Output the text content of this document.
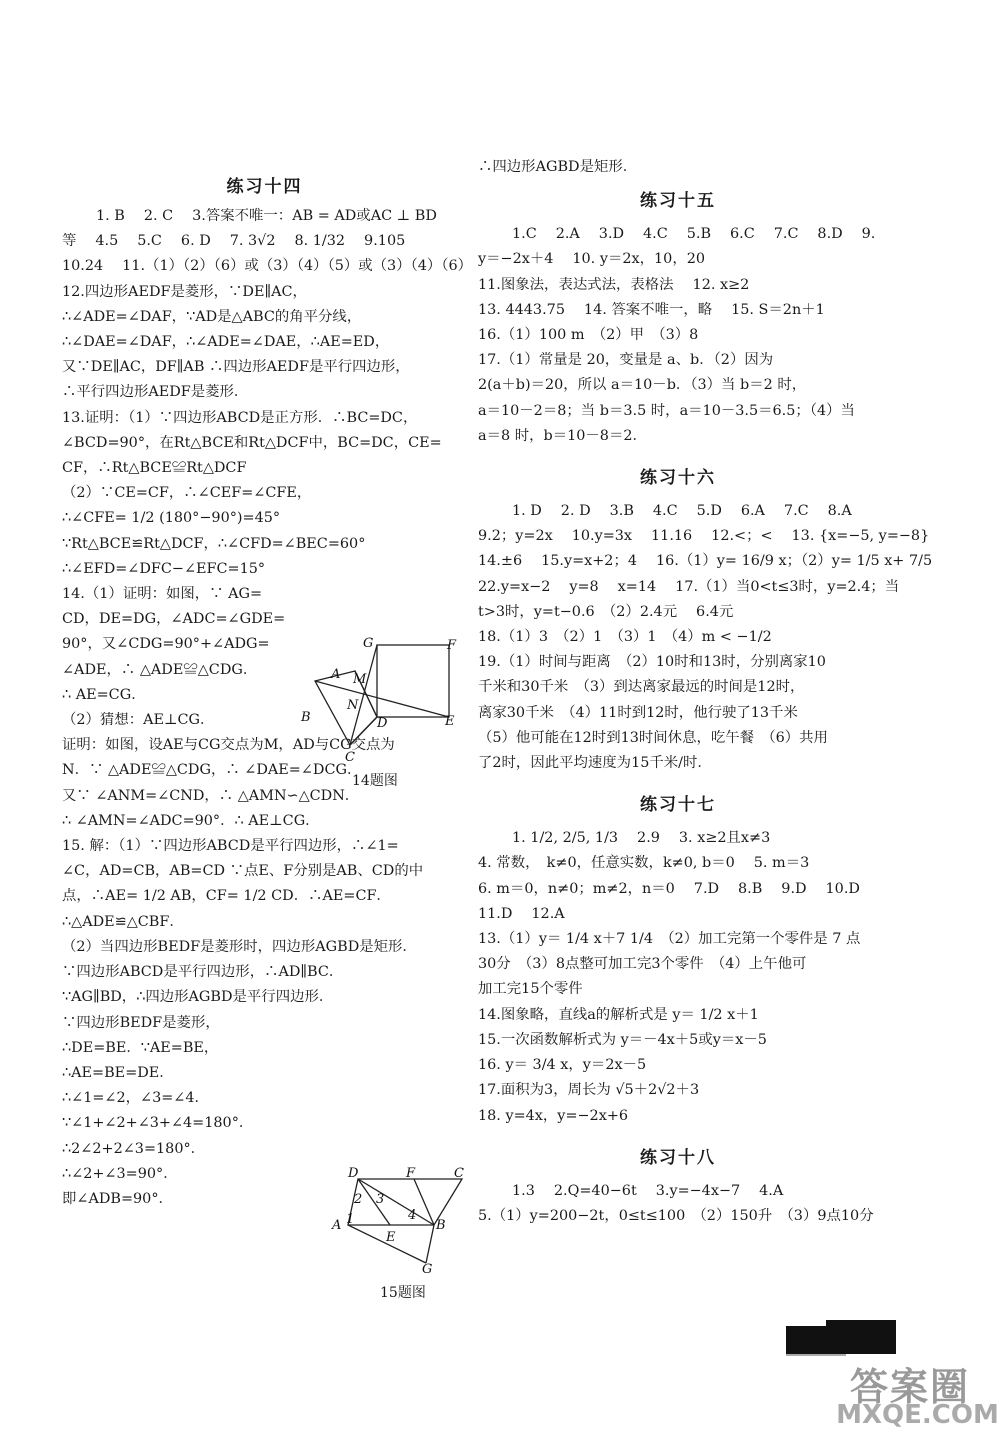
练习十四
1. B　 2. C　 3.答案不唯一：AB = AD或AC ⊥ BD
等　 4.5　 5.C　 6. D　 7. 3√2　 8. 1/32　 9.105
10.24　 11.（1）（2）（6）或（3）（4）（5）或（3）（4）（6）
12.四边形AEDF是菱形，∵DE∥AC，
∴∠ADE=∠DAF，∵AD是△ABC的角平分线，
∴∠DAE=∠DAF，∴∠ADE=∠DAE，∴AE=ED，
又∵DE∥AC，DF∥AB ∴四边形AEDF是平行四边形，
∴平行四边形AEDF是菱形．
13.证明：（1）∵四边形ABCD是正方形．∴BC=DC，
∠BCD=90°，在Rt△BCE和Rt△DCF中，BC=DC，CE=
CF，∴Rt△BCE≌Rt△DCF
（2）∵CE=CF，∴∠CEF=∠CFE，
∴∠CFE= 1/2 (180°−90°)=45°
∵Rt△BCE≌Rt△DCF，∴∠CFD=∠BEC=60°
∴∠EFD=∠DFC−∠EFC=15°
14.（1）证明：如图，∵ AG=
CD，DE=DG，∠ADC=∠GDE=
90°，又∠CDG=90°+∠ADG=
∠ADE，∴ △ADE≌△CDG．
∴ AE=CG．
（2）猜想：AE⊥CG．
证明：如图，设AE与CG交点为M，AD与CG交点为
N．∵ △ADE≌△CDG，∴ ∠DAE=∠DCG．
又∵ ∠ANM=∠CND，∴ △AMN∽△CDN．
∴ ∠AMN=∠ADC=90°．∴ AE⊥CG．
15. 解：（1）∵四边形ABCD是平行四边形，∴∠1=
∠C，AD=CB，AB=CD ∵点E、F分别是AB、CD的中
点，∴AE= 1/2 AB，CF= 1/2 CD．∴AE=CF．
∴△ADE≌△CBF．
（2）当四边形BEDF是菱形时，四边形AGBD是矩形．
∵四边形ABCD是平行四边形，∴AD∥BC．
∵AG∥BD，∴四边形AGBD是平行四边形．
∵四边形BEDF是菱形，
∴DE=BE．∵AE=BE，
∴AE=BE=DE．
∴∠1=∠2，∠3=∠4．
∵∠1+∠2+∠3+∠4=180°．
∴2∠2+2∠3=180°．
∴∠2+∠3=90°．
即∠ADB=90°．
∴四边形AGBD是矩形．
练习十五
1.C　 2.A　 3.D　 4.C　 5.B　 6.C　 7.C　 8.D　 9.
y＝−2x＋4　 10. y＝2x，10，20
11.图象法，表达式法，表格法　 12. x≥2
13. 4443.75　 14. 答案不唯一，略　 15. S＝2n＋1
16.（1）100 m　（2）甲　（3）8
17.（1）常量是 20，变量是 a、b．（2）因为
2(a＋b)＝20，所以 a＝10－b．（3）当 b＝2 时，
a＝10－2＝8；当 b＝3.5 时，a＝10－3.5＝6.5；（4）当
a＝8 时，b＝10－8＝2．
练习十六
1. D　 2. D　 3.B　 4.C　 5.D　 6.A　 7.C　 8.A
9.2；y=2x　 10.y=3x　 11.16　 12.<；<　 13. {x=−5, y=−8}
14.±6　 15.y=x+2；4　 16.（1）y= 16/9 x；（2）y= 1/5 x+ 7/5
22.y=x−2　 y=8　 x=14　 17.（1）当0<t≤3时，y=2.4；当
t>3时，y=t−0.6　（2）2.4元　 6.4元
18.（1）3　（2）1　（3）1　（4）m < −1/2
19.（1）时间与距离　（2）10时和13时，分别离家10
千米和30千米　（3）到达离家最远的时间是12时，
离家30千米　（4）11时到12时，他行驶了13千米
（5）他可能在12时到13时间休息，吃午餐　（6）共用
了2时，因此平均速度为15千米/时．
练习十七
1. 1/2, 2/5, 1/3　 2.9　 3. x≥2且x≠3
4. 常数，　k≠0，任意实数，k≠0, b＝0　 5. m＝3
6. m＝0，n≠0；m≠2，n＝0　 7.D　 8.B　 9.D　 10.D
11.D　 12.A
13.（1）y＝ 1/4 x＋7 1/4　（2）加工完第一个零件是 7 点
30分　（3）8点整可加工完3个零件　（4）上午他可
加工完15个零件
14.图象略，直线a的解析式是 y＝ 1/2 x＋1
15.一次函数解析式为 y＝－4x＋5或y＝x－5
16. y＝ 3/4 x，y＝2x－5
17.面积为3，周长为 √5＋2√2＋3
18. y=4x，y=−2x+6
练习十八
1.3　 2.Q=40−6t　 3.y=−4x−7　 4.A
5.（1）y=200−2t，0≤t≤100　（2）150升　（3）9点10分
G	F
A M
N
B	D	E
C
14题图
D	F	C
2 3
1	4
A
E
B
G
15题图
45
答案圈
MXQE.COM
